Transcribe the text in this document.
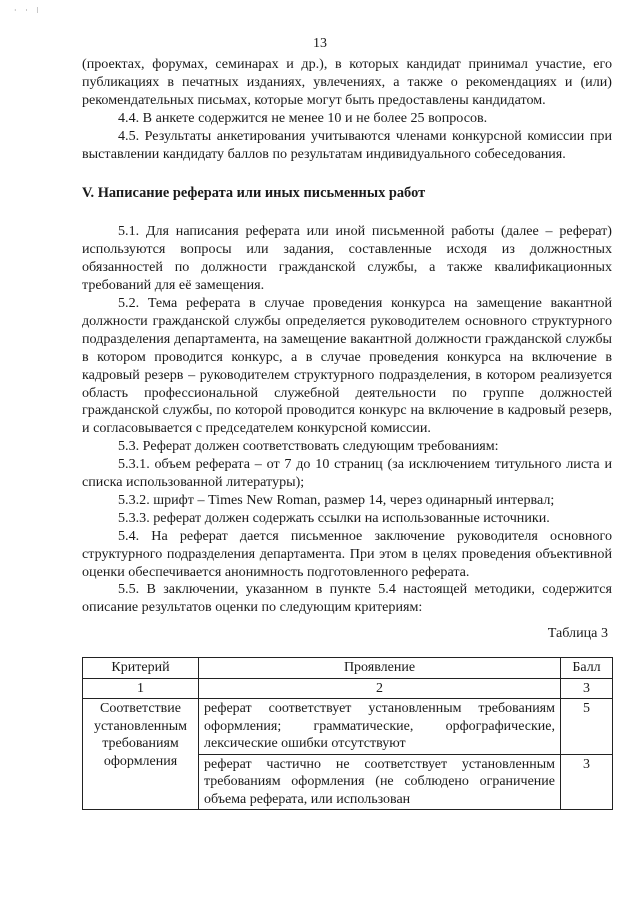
· · ⁝
13

(проектах, форумах, семинарах и др.), в которых кандидат принимал участие, его публикациях в печатных изданиях, увлечениях, а также о рекомендациях и (или) рекомендательных письмах, которые могут быть предоставлены кандидатом.

4.4. В анкете содержится не менее 10 и не более 25 вопросов.

4.5. Результаты анкетирования учитываются членами конкурсной комиссии при выставлении кандидату баллов по результатам индивидуального собеседования.

V. Написание реферата или иных письменных работ

5.1. Для написания реферата или иной письменной работы (далее – реферат) используются вопросы или задания, составленные исходя из должностных обязанностей по должности гражданской службы, а также квалификационных требований для её замещения.

5.2. Тема реферата в случае проведения конкурса на замещение вакантной должности гражданской службы определяется руководителем основного структурного подразделения департамента, на замещение вакантной должности гражданской службы в котором проводится конкурс, а в случае проведения конкурса на включение в кадровый резерв – руководителем структурного подразделения, в котором реализуется область профессиональной служебной деятельности по группе должностей гражданской службы, по которой проводится конкурс на включение в кадровый резерв, и согласовывается с председателем конкурсной комиссии.

5.3. Реферат должен соответствовать следующим требованиям:

5.3.1. объем реферата – от 7 до 10 страниц (за исключением титульного листа и списка использованной литературы);

5.3.2. шрифт – Times New Roman, размер 14, через одинарный интервал;

5.3.3. реферат должен содержать ссылки на использованные источники.

5.4. На реферат дается письменное заключение руководителя основного структурного подразделения департамента. При этом в целях проведения объективной оценки обеспечивается анонимность подготовленного реферата.

5.5. В заключении, указанном в пункте 5.4 настоящей методики, содержится описание результатов оценки по следующим критериям:

Таблица 3

Критерий	Проявление	Балл
1	2	3
Соответствие установленным требованиям оформления	реферат соответствует установленным требованиям оформления; грамматические, орфографические, лексические ошибки отсутствуют	5
	реферат частично не соответствует установленным требованиям оформления (не соблюдено ограничение объема реферата, или использован	3
